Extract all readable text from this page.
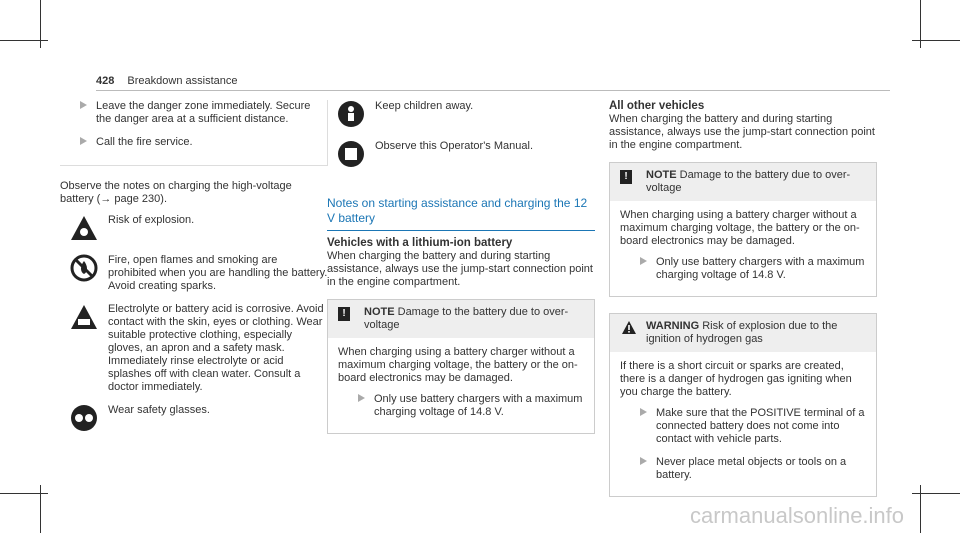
428 Breakdown assistance
Leave the danger zone immediately. Secure the danger area at a sufficient distance.
Call the fire service.

Observe the notes on charging the high-voltage battery (→ page 230).

Risk of explosion.
Fire, open flames and smoking are prohibited when you are handling the battery. Avoid creating sparks.
Electrolyte or battery acid is corrosive. Avoid contact with the skin, eyes or clothing. Wear suitable protective clothing, especially gloves, an apron and a safety mask. Immediately rinse electrolyte or acid splashes off with clean water. Consult a doctor immediately.
Wear safety glasses.
Keep children away.
Observe this Operator's Manual.
Notes on starting assistance and charging the 12 V battery
Vehicles with a lithium-ion battery

When charging the battery and during starting assistance, always use the jump-start connection point in the engine compartment.

!	NOTE Damage to the battery due to over-voltage

When charging using a battery charger without a maximum charging voltage, the battery or the on-board electronics may be damaged.

Only use battery chargers with a maximum charging voltage of 14.8 V.
All other vehicles

When charging the battery and during starting assistance, always use the jump-start connection point in the engine compartment.

!	NOTE Damage to the battery due to over-voltage

When charging using a battery charger without a maximum charging voltage, the battery or the on-board electronics may be damaged.

Only use battery chargers with a maximum charging voltage of 14.8 V.
WARNING Risk of explosion due to the ignition of hydrogen gas

If there is a short circuit or sparks are created, there is a danger of hydrogen gas igniting when you charge the battery.

Make sure that the POSITIVE terminal of a connected battery does not come into contact with vehicle parts.
Never place metal objects or tools on a battery.
carmanualsonline.info
